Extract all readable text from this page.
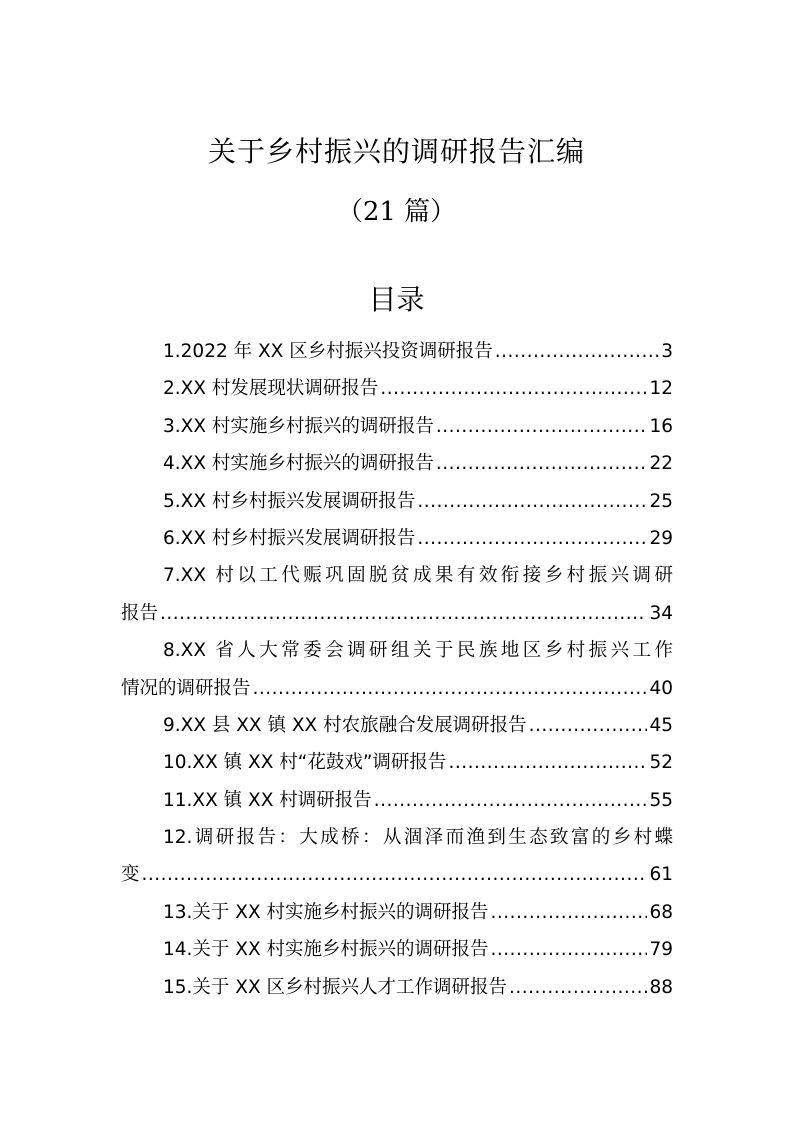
关于乡村振兴的调研报告汇编
（21 篇）
目录
1.2022 年 XX 区乡村振兴投资调研报告 .....	3
2.XX 村发展现状调研报告 .....	12
3.XX 村实施乡村振兴的调研报告 .....	16
4.XX 村实施乡村振兴的调研报告 .....	22
5.XX 村乡村振兴发展调研报告 .....	25
6.XX 村乡村振兴发展调研报告 .....	29
7.XX 村以工代赈巩固脱贫成果有效衔接乡村振兴调研
报告 .....	34
8.XX 省人大常委会调研组关于民族地区乡村振兴工作
情况的调研报告 .....	40
9.XX 县 XX 镇 XX 村农旅融合发展调研报告 .....	45
10.XX 镇 XX 村“花鼓戏”调研报告 .....	52
11.XX 镇 XX 村调研报告 .....	55
12.调研报告：大成桥：从涸泽而渔到生态致富的乡村蝶
变 .....	61
13.关于 XX 村实施乡村振兴的调研报告 .....	68
14.关于 XX 村实施乡村振兴的调研报告 .....	79
15.关于 XX 区乡村振兴人才工作调研报告 .....	88
